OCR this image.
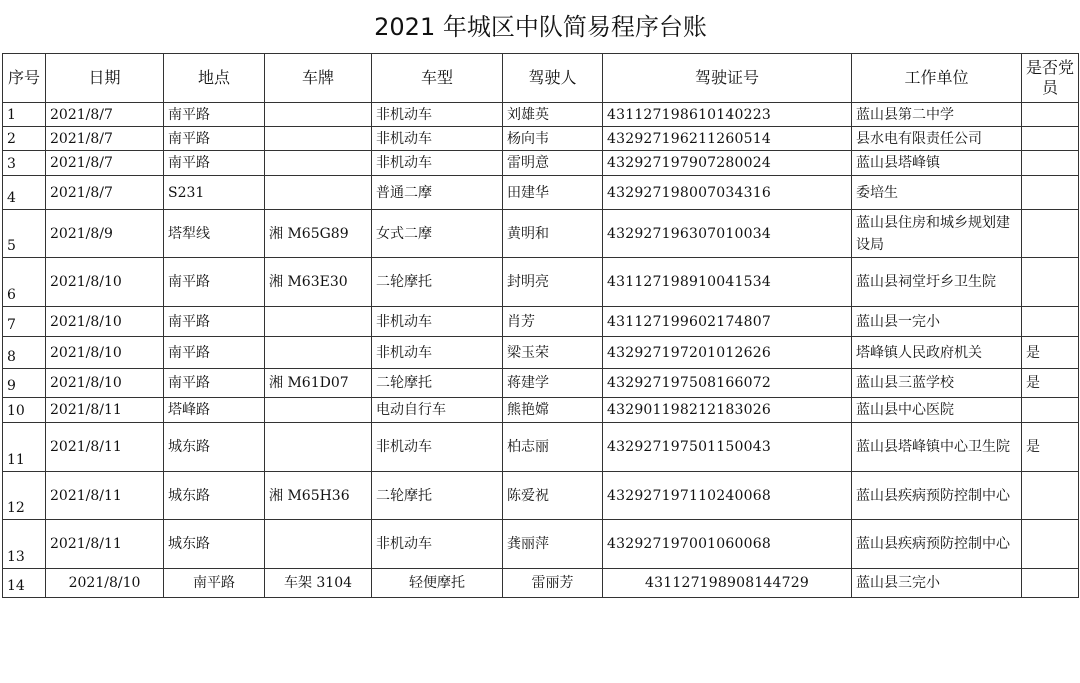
2021 年城区中队简易程序台账								
序号	日期	地点	车牌	车型	驾驶人	驾驶证号	工作单位	是否党员
1	2021/8/7	南平路		非机动车	刘雄英	431127198610140223	蓝山县第二中学	
2	2021/8/7	南平路		非机动车	杨向韦	432927196211260514	县水电有限责任公司	
3	2021/8/7	南平路		非机动车	雷明意	432927197907280024	蓝山县塔峰镇	
4	2021/8/7	S231		普通二摩	田建华	432927198007034316	委培生	
5	2021/8/9	塔犁线	湘 M65G89	女式二摩	黄明和	432927196307010034	蓝山县住房和城乡规划建设局	
6	2021/8/10	南平路	湘 M63E30	二轮摩托	封明亮	431127198910041534	蓝山县祠堂圩乡卫生院	
7	2021/8/10	南平路		非机动车	肖芳	431127199602174807	蓝山县一完小	
8	2021/8/10	南平路		非机动车	梁玉荣	432927197201012626	塔峰镇人民政府机关	是
9	2021/8/10	南平路	湘 M61D07	二轮摩托	蒋建学	432927197508166072	蓝山县三蓝学校	是
10	2021/8/11	塔峰路		电动自行车	熊艳嫦	432901198212183026	蓝山县中心医院	
11	2021/8/11	城东路		非机动车	柏志丽	432927197501150043	蓝山县塔峰镇中心卫生院	是
12	2021/8/11	城东路	湘 M65H36	二轮摩托	陈爱祝	432927197110240068	蓝山县疾病预防控制中心	
13	2021/8/11	城东路		非机动车	龚丽萍	432927197001060068	蓝山县疾病预防控制中心	
14	2021/8/10	南平路	车架 3104	轻便摩托	雷丽芳	431127198908144729	蓝山县三完小	
